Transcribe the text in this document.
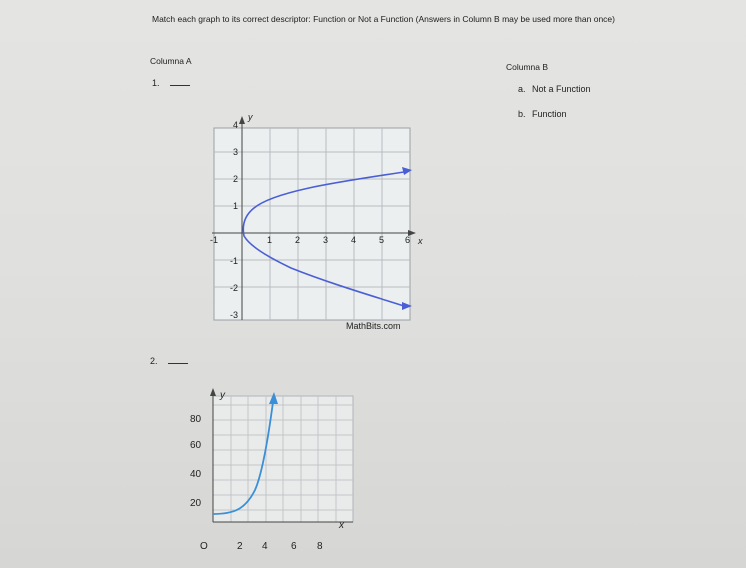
Match each graph to its correct descriptor: Function or Not a Function (Answers in Column B may be used more than once)
Columna A
Columna B
a. Not a Function
b. Function
1.
2.
y
x
-1	1	2	3	4	5 6
4
3
2
1
-1
-2
-3
MathBits.com
y
x
O	2 4 6 8
80
60
40
20
